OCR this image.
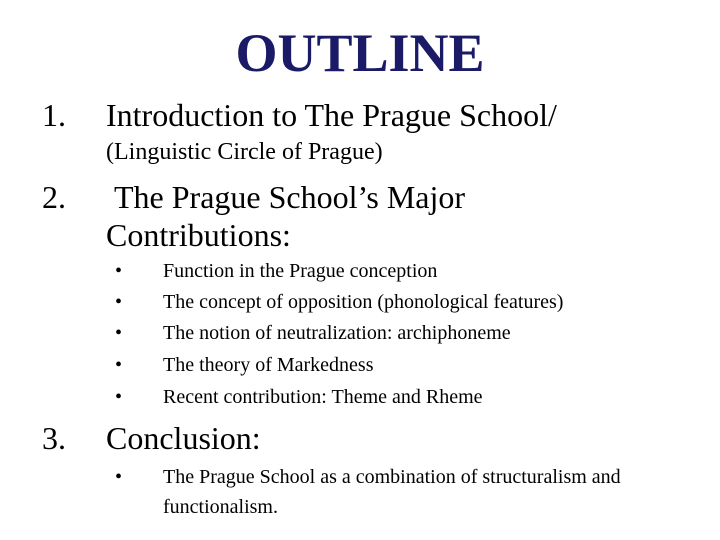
OUTLINE
1. Introduction to The Prague School/
(Linguistic Circle of Prague)
2. The Prague School’s Major
Contributions:
• Function in the Prague conception
• The concept of opposition (phonological features)
• The notion of neutralization: archiphoneme
• The theory of Markedness
• Recent contribution: Theme and Rheme
3. Conclusion:
• The Prague School as a combination of structuralism and functionalism.
